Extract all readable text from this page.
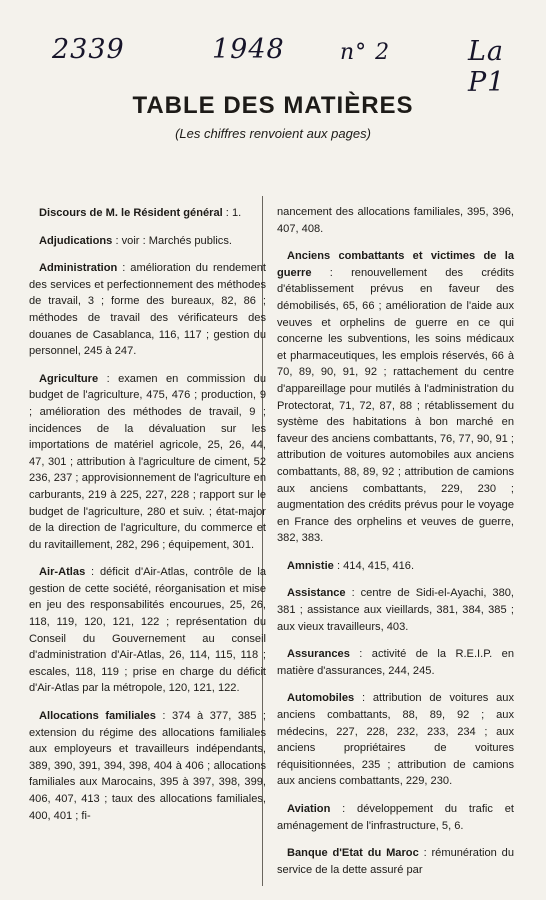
2339	1948	n° 2	La P1
TABLE DES MATIÈRES
(Les chiffres renvoient aux pages)

Discours de M. le Résident général : 1.

Adjudications : voir : Marchés publics.

Administration : amélioration du rendement des services et perfectionnement des méthodes de travail, 3 ; forme des bureaux, 82, 86 ; méthodes de travail des vérificateurs des douanes de Casablanca, 116, 117 ; gestion du personnel, 245 à 247.

Agriculture : examen en commission du budget de l'agriculture, 475, 476 ; production, 9 ; amélioration des méthodes de travail, 9 ; incidences de la dévaluation sur les importations de matériel agricole, 25, 26, 44, 47, 301 ; attribution à l'agriculture de ciment, 52 236, 237 ; approvisionnement de l'agriculture en carburants, 219 à 225, 227, 228 ; rapport sur le budget de l'agriculture, 280 et suiv. ; état-major de la direction de l'agriculture, du commerce et du ravitaillement, 282, 296 ; équipement, 301.

Air-Atlas : déficit d'Air-Atlas, contrôle de la gestion de cette société, réorganisation et mise en jeu des responsabilités encourues, 25, 26, 118, 119, 120, 121, 122 ; représentation du Conseil du Gouvernement au conseil d'administration d'Air-Atlas, 26, 114, 115, 118 ; escales, 118, 119 ; prise en charge du déficit d'Air-Atlas par la métropole, 120, 121, 122.

Allocations familiales : 374 à 377, 385 ; extension du régime des allocations familiales aux employeurs et travailleurs indépendants, 389, 390, 391, 394, 398, 404 à 406 ; allocations familiales aux Marocains, 395 à 397, 398, 399, 406, 407, 413 ; taux des allocations familiales, 400, 401 ; fi-

nancement des allocations familiales, 395, 396, 407, 408.

Anciens combattants et victimes de la guerre : renouvellement des crédits d'établissement prévus en faveur des démobilisés, 65, 66 ; amélioration de l'aide aux veuves et orphelins de guerre en ce qui concerne les subventions, les soins médicaux et pharmaceutiques, les emplois réservés, 66 à 70, 89, 90, 91, 92 ; rattachement du centre d'appareillage pour mutilés à l'administration du Protectorat, 71, 72, 87, 88 ; rétablissement du système des habitations à bon marché en faveur des anciens combattants, 76, 77, 90, 91 ; attribution de voitures automobiles aux anciens combattants, 88, 89, 92 ; attribution de camions aux anciens combattants, 229, 230 ; augmentation des crédits prévus pour le voyage en France des orphelins et veuves de guerre, 382, 383.

Amnistie : 414, 415, 416.

Assistance : centre de Sidi-el-Ayachi, 380, 381 ; assistance aux vieillards, 381, 384, 385 ; aux vieux travailleurs, 403.

Assurances : activité de la R.E.I.P. en matière d'assurances, 244, 245.

Automobiles : attribution de voitures aux anciens combattants, 88, 89, 92 ; aux médecins, 227, 228, 232, 233, 234 ; aux anciens propriétaires de voitures réquisitionnées, 235 ; attribution de camions aux anciens combattants, 229, 230.

Aviation : développement du trafic et aménagement de l'infrastructure, 5, 6.

Banque d'Etat du Maroc : rémunération du service de la dette assuré par
